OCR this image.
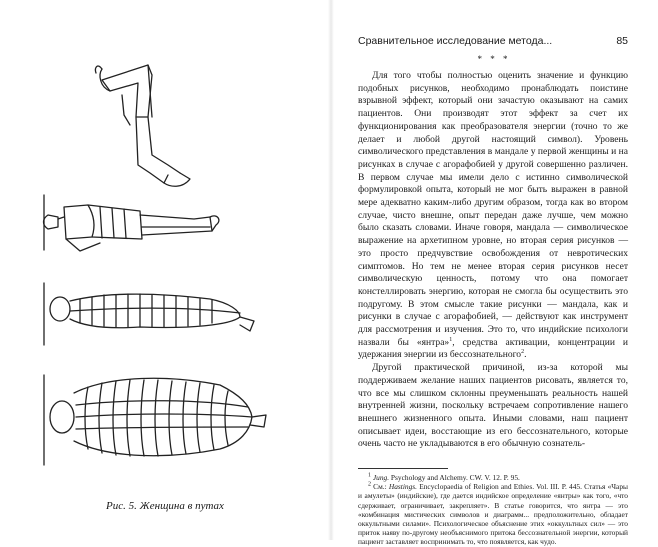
Рис. 5. Женщина в путах
Сравнительное исследование метода...	85
* * *

Для того чтобы полностью оценить значение и функцию подобных рисунков, необходимо пронаблюдать поистине взрывной эффект, который они зачастую оказывают на самих пациентов. Они производят этот эффект за счет их функционирования как преобразователя энергии (точно то же делает и любой другой настоящий символ). Уровень символического представления в мандале у первой женщины и на рисунках в случае с агорафобией у другой совершенно различен. В первом случае мы имели дело с истинно символической формулировкой опыта, который не мог быть выражен в равной мере адекватно каким-либо другим образом, тогда как во втором случае, чисто внешне, опыт передан даже лучше, чем можно было сказать словами. Иначе говоря, мандала — символическое выражение на архетипном уровне, но вторая серия рисунков — это просто предчувствие освобождения от невротических симптомов. Но тем не менее вторая серия рисунков несет символическую ценность, потому что она помогает констеллировать энергию, которая не смогла бы осуществить это подругому. В этом смысле такие рисунки — мандала, как и рисунки в случае с агорафобией, — действуют как инструмент для рассмотрения и изучения. Это то, что индийские психологи назвали бы «янтра»$^1$, средства активации, концентрации и удержания энергии из бессознательного$^2$.

Другой практической причиной, из-за которой мы поддерживаем желание наших пациентов рисовать, является то, что все мы слишком склонны преуменьшать реальность нашей внутренней жизни, поскольку встречаем сопротивление нашего внешнего жизненного опыта. Иными словами, наш пациент описывает идеи, восстающие из его бессознательного, которые очень часто не укладываются в его обычную сознатель-

$^1$ Jung. Psychology and Alchemy. CW. V. 12. P. 95.

$^2$ См.: Hastings. Encyclopaedia of Religion and Ethies. Vol. III. P. 445. Статья «Чары и амулеты» (индийские), где дается индийское определение «янтры» как того, «что сдерживает, ограничивает, закрепляет». В статье говорится, что янтра — это «комбинация мистических символов и диаграмм... предположительно, обладает оккультными силами». Психологическое объяснение этих «оккультных сил» — это приток наяву по-другому необъяснимого притока бессознательной энергии, который пациент заставляет воспринимать то, что появляется, как чудо.
